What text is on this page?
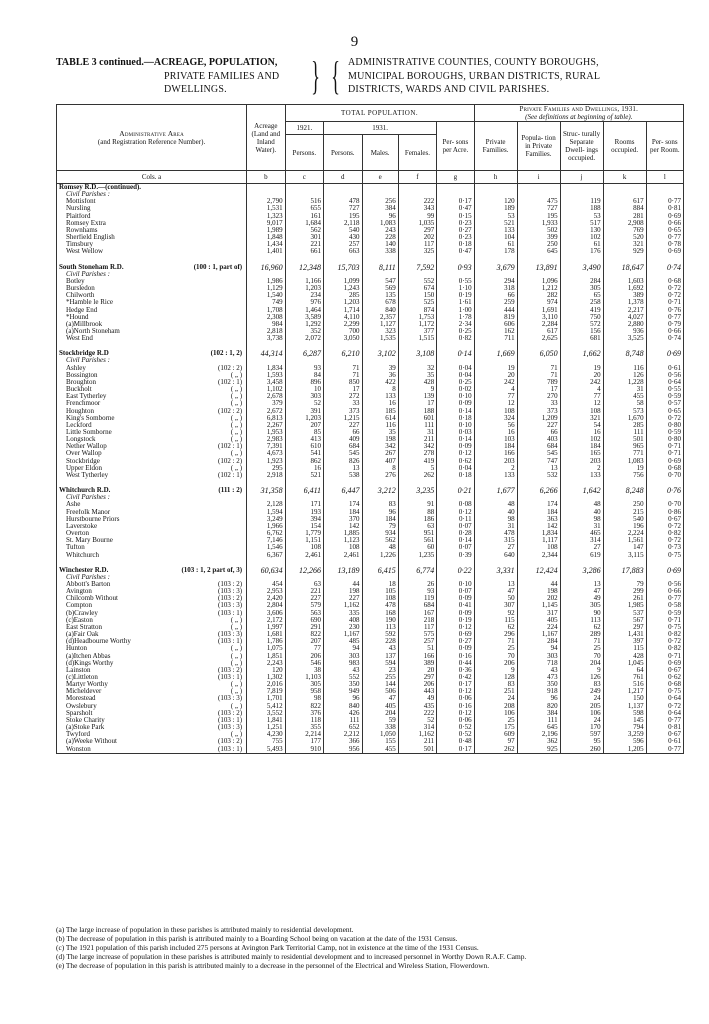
9
TABLE 3 continued.—ACREAGE, POPULATION,
PRIVATE FAMILIES AND
DWELLINGS.	} { ADMINISTRATIVE COUNTIES, COUNTY BOROUGHS,
MUNICIPAL BOROUGHS, URBAN DISTRICTS, RURAL
DISTRICTS, WARDS AND CIVIL PARISHES.
Administrative Area
(and Registration Reference Number).	Acreage (Land and Inland Water).	TOTAL POPULATION.					Private Families and Dwellings, 1931.
(See definitions at beginning of table).				
		1921.	1931.			Per- sons per Acre.	Private Families.	Popula- tion in Private Families.	Struc- turally Separate Dwell- ings occupied.	Rooms occupied.	Per- sons per Room.
		Persons.	Persons.	Males.	Females.						
Cols. a	b	c	d	e	f	g	h	i	j	k	l
Romsey R.D.—(continued).											
Civil Parishes :											
Mottisfont	2,790	516	478	256	222	0·17	120	475	119	617	0·77
Nursling	1,531	655	727	384	343	0·47	189	727	188	884	0·81
Plaitford	1,323	161	195	96	99	0·15	53	195	53	281	0·69
Romsey Extra	9,017	1,684	2,118	1,083	1,035	0·23	521	1,933	517	2,908	0·66
Rownhams	1,989	562	540	243	297	0·27	133	502	130	769	0·65
Sherfield English	1,848	301	430	228	202	0·23	104	399	102	520	0·77
Timsbury	1,434	221	257	140	117	0·18	61	250	61	321	0·78
West Wellow	1,401	661	663	338	325	0·47	178	645	176	929	0·69

South Stoneham R.D. (100 : 1, part of)	16,960	12,348	15,703	8,111	7,592	0·93	3,679	13,891	3,490	18,647	0·74
Civil Parishes :											
Botley	1,986	1,166	1,099	547	552	0·55	294	1,096	284	1,603	0·68
Bursledon	1,129	1,203	1,243	569	674	1·10	318	1,212	305	1,692	0·72
Chilworth	1,540	234	285	135	150	0·19	66	282	65	389	0·72
*Hamble le Rice	749	976	1,203	678	525	1·61	259	974	258	1,378	0·71
Hedge End	1,708	1,464	1,714	840	874	1·00	444	1,691	419	2,217	0·76
*Hound	2,308	3,589	4,110	2,357	1,753	1·78	819	3,110	750	4,027	0·77
(a)Millbrook	984	1,292	2,299	1,127	1,172	2·34	606	2,284	572	2,880	0·79
(a)North Stoneham	2,818	352	700	323	377	0·25	162	617	156	936	0·66
West End	3,738	2,072	3,050	1,535	1,515	0·82	711	2,625	681	3,525	0·74

Stockbridge R.D (102 : 1, 2)	44,314	6,287	6,210	3,102	3,108	0·14	1,669	6,050	1,662	8,748	0·69
Civil Parishes :											
Ashley (102 : 2)	1,834	93	71	39	32	0·04	19	71	19	116	0·61
Bossington ( „ )	1,593	84	71	36	35	0·04	20	71	20	126	0·56
Broughton (102 : 1)	3,458	896	850	422	428	0·25	242	789	242	1,228	0·64
Buckholt ( „ )	1,102	10	17	8	9	0·02	4	17	4	31	0·55
East Tytherley ( „ )	2,678	303	272	133	139	0·10	77	270	77	455	0·59
Frenchmoor ( „ )	379	52	33	16	17	0·09	12	33	12	58	0·57
Houghton (102 : 2)	2,672	391	373	185	188	0·14	108	373	108	573	0·65
King's Somborne ( „ )	6,813	1,203	1,215	614	601	0·18	324	1,209	321	1,670	0·72
Leckford ( „ )	2,267	207	227	116	111	0·10	56	227	54	285	0·80
Little Somborne ( „ )	1,953	85	66	35	31	0·03	16	66	16	111	0·59
Longstock ( „ )	2,983	413	409	198	211	0·14	103	403	102	501	0·80
Nether Wallop (102 : 1)	7,391	610	684	342	342	0·09	184	684	184	965	0·71
Over Wallop ( „ )	4,673	541	545	267	278	0·12	166	545	165	771	0·71
Stockbridge (102 : 2)	1,923	862	826	407	419	0·62	203	747	203	1,083	0·69
Upper Eldon ( „ )	295	16	13	8	5	0·04	2	13	2	19	0·68
West Tytherley (102 : 1)	2,918	521	538	276	262	0·18	133	532	133	756	0·70

Whitchurch R.D. (111 : 2)	31,358	6,411	6,447	3,212	3,235	0·21	1,677	6,266	1,642	8,248	0·76
Civil Parishes :											
Ashe	2,128	171	174	83	91	0·08	48	174	48	250	0·70
Freefolk Manor	1,594	193	184	96	88	0·12	40	184	40	215	0·86
Hurstbourne Priors	3,249	394	370	184	186	0·11	98	363	98	540	0·67
Laverstoke	1,966	154	142	79	63	0·07	31	142	31	196	0·72
Overton	6,762	1,779	1,885	934	951	0·28	478	1,834	465	2,224	0·82
St. Mary Bourne	7,146	1,151	1,123	562	561	0·14	315	1,117	314	1,561	0·72
Tufton	1,546	108	108	48	60	0·07	27	108	27	147	0·73
Whitchurch	6,367	2,461	2,461	1,226	1,235	0·39	640	2,344	619	3,115	0·75

Winchester R.D. (103 : 1, 2 part of, 3)	60,634	12,266	13,189	6,415	6,774	0·22	3,331	12,424	3,286	17,883	0·69
Civil Parishes :											
Abbott's Barton (103 : 2)	454	63	44	18	26	0·10	13	44	13	79	0·56
Avington (103 : 3)	2,953	221	198	105	93	0·07	47	198	47	299	0·66
Chilcomb Without (103 : 2)	2,420	227	227	108	119	0·09	50	202	49	261	0·77
Compton (103 : 3)	2,804	579	1,162	478	684	0·41	307	1,145	305	1,985	0·58
(b)Crawley (103 : 1)	3,606	563	335	168	167	0·09	92	317	90	537	0·59
(c)Easton ( „ )	2,172	690	408	190	218	0·19	115	405	113	567	0·71
East Stratton ( „ )	1,997	291	230	113	117	0·12	62	224	62	297	0·75
(a)Fair Oak (103 : 3)	1,681	822	1,167	592	575	0·69	296	1,167	289	1,431	0·82
(d)Headbourne Worthy (103 : 1)	1,786	207	485	228	257	0·27	71	284	71	397	0·72
Hunton ( „ )	1,075	77	94	43	51	0·09	25	94	25	115	0·82
(a)Itchen Abbas ( „ )	1,851	206	303	137	166	0·16	70	303	70	428	0·71
(d)Kings Worthy ( „ )	2,243	546	983	594	389	0·44	206	718	204	1,045	0·69
Lainston (103 : 2)	120	38	43	23	20	0·36	9	43	9	64	0·67
(c)Littleton (103 : 1)	1,302	1,103	552	255	297	0·42	128	473	126	761	0·62
Martyr Worthy ( „ )	2,016	305	350	144	206	0·17	83	350	83	516	0·68
Micheldever ( „ )	7,819	958	949	506	443	0·12	251	918	249	1,217	0·75
Morestead (103 : 3)	1,701	98	96	47	49	0·06	24	96	24	150	0·64
Owslebury ( „ )	5,412	822	840	405	435	0·16	208	820	205	1,137	0·72
Sparsholt (103 : 2)	3,552	376	426	204	222	0·12	106	384	106	598	0·64
Stoke Charity (103 : 1)	1,841	118	111	59	52	0·06	25	111	24	145	0·77
(a)Stoke Park (103 : 3)	1,251	355	652	338	314	0·52	175	645	170	794	0·81
Twyford ( „ )	4,230	2,214	2,212	1,050	1,162	0·52	609	2,196	597	3,259	0·67
(a)Weeke Without (103 : 2)	755	177	366	155	211	0·48	97	362	95	596	0·61
Wonston (103 : 1)	5,493	910	956	455	501	0·17	262	925	260	1,205	0·77

(a) The large increase of population in these parishes is attributed mainly to residential development.

(b) The decrease of population in this parish is attributed mainly to a Boarding School being on vacation at the date of the 1931 Census.

(c) The 1921 population of this parish included 275 persons at Avington Park Territorial Camp, not in existence at the time of the 1931 Census.

(d) The large increase of population in these parishes is attributed mainly to residential development and to increased personnel in Worthy Down R.A.F. Camp.

(e) The decrease of population in this parish is attributed mainly to a decrease in the personnel of the Electrical and Wireless Station, Flowerdown.
